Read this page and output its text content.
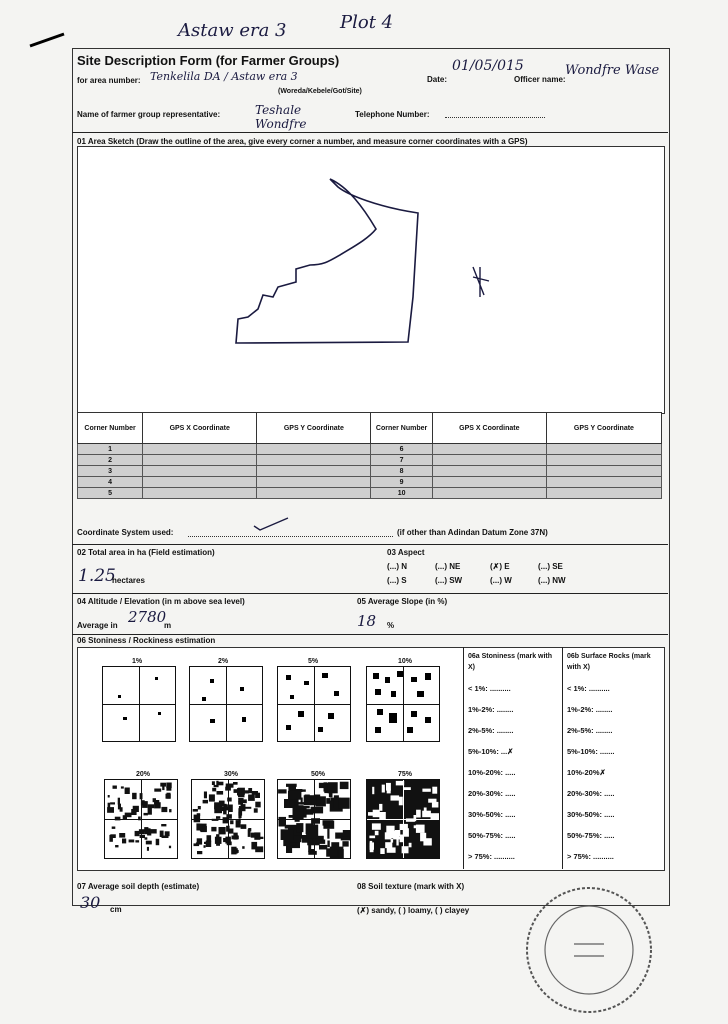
Astaw era 3	Plot 4
Site Description Form (for Farmer Groups)
for area number: Tenkelila DA / Astaw era 3
(Woreda/Kebele/Got/Site)
Date:
01/05/015
Officer name:
Wondfre Wase
Name of farmer group representative:	Teshale Wondfre
Telephone Number:
01 Area Sketch (Draw the outline of the area, give every corner a number, and measure corner coordinates with a GPS)
Corner Number	GPS X Coordinate	GPS Y Coordinate	Corner Number	GPS X Coordinate	GPS Y Coordinate
1			6		
2			7		
3			8		
4			9		
5			10		
Coordinate System used:	(if other than Adindan Datum Zone 37N)
02 Total area in ha (Field estimation)
1.25
hectares
03 Aspect
(...) N	(...) NE	(✗) E	(...) SE
(...) S	(...) SW	(...) W	(...) NW
04 Altitude / Elevation (in m above sea level)
Average in 2780
m
05 Average Slope (in %)
18 %
06 Stoniness / Rockiness estimation
1%	2%	5%	10%
20%	30%	50%	75%
06a Stoniness (mark with X)
06b Surface Rocks (mark with X)
< 1%: ..........
1%-2%: ........
2%-5%: ........
5%-10%: ...✗
10%-20%: .....
20%-30%: .....
30%-50%: .....
50%-75%: .....
> 75%: ..........
< 1%: ..........
1%-2%: ........
2%-5%: ........
5%-10%: .......
10%-20%✗
20%-30%: .....
30%-50%: .....
50%-75%: .....
> 75%: ..........
07 Average soil depth (estimate)
30 cm
08 Soil texture (mark with X)
(✗) sandy, ( ) loamy, ( ) clayey
